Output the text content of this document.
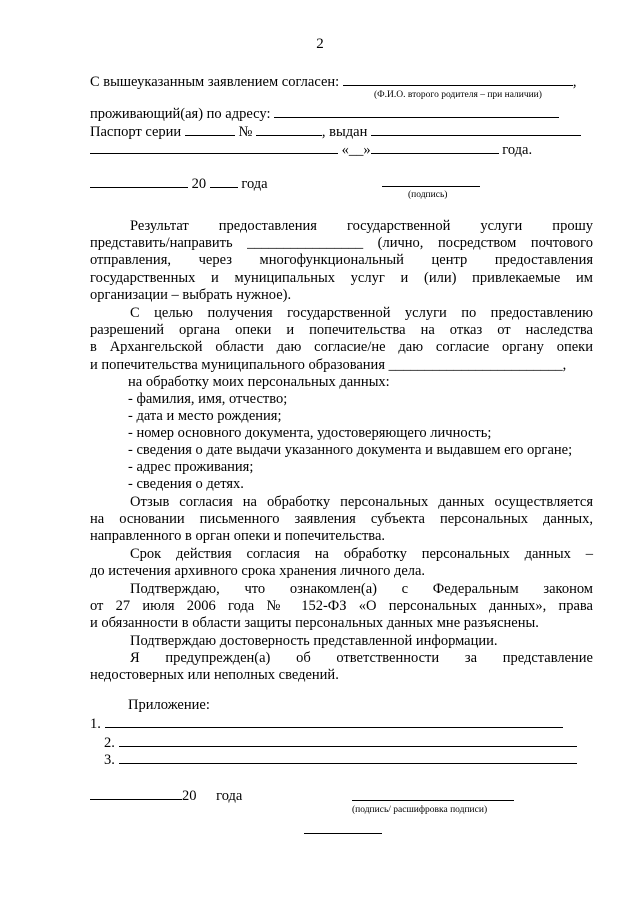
2
С вышеуказанным заявлением согласен:	,
(Ф.И.О. второго родителя – при наличии)
проживающий(ая) по адресу:
Паспорт серии	№	, выдан
«__»	года.
20 года
(подпись)
Результат предоставления государственной услуги прошу
представить/направить ________________ (лично, посредством почтового
отправления, через многофункциональный центр предоставления
государственных и муниципальных услуг и (или) привлекаемые им
организации – выбрать нужное).
С целью получения государственной услуги по предоставлению
разрешений органа опеки и попечительства на отказ от наследства
в Архангельской области даю согласие/не даю согласие органу опеки
и попечительства муниципального образования ________________________,
на обработку моих персональных данных:
- фамилия, имя, отчество;
- дата и место рождения;
- номер основного документа, удостоверяющего личность;
- сведения о дате выдачи указанного документа и выдавшем его органе;
- адрес проживания;
- сведения о детях.
Отзыв согласия на обработку персональных данных осуществляется
на основании письменного заявления субъекта персональных данных,
направленного в орган опеки и попечительства.
Срок действия согласия на обработку персональных данных –
до истечения архивного срока хранения личного дела.
Подтверждаю, что ознакомлен(а) с Федеральным законом
от 27 июля 2006 года № 152-ФЗ «О персональных данных», права
и обязанности в области защиты персональных данных мне разъяснены.
Подтверждаю достоверность представленной информации.
Я предупрежден(а) об ответственности за представление
недостоверных или неполных сведений.
Приложение:
1.
2.
3.
20 года
(подпись/ расшифровка подписи)
